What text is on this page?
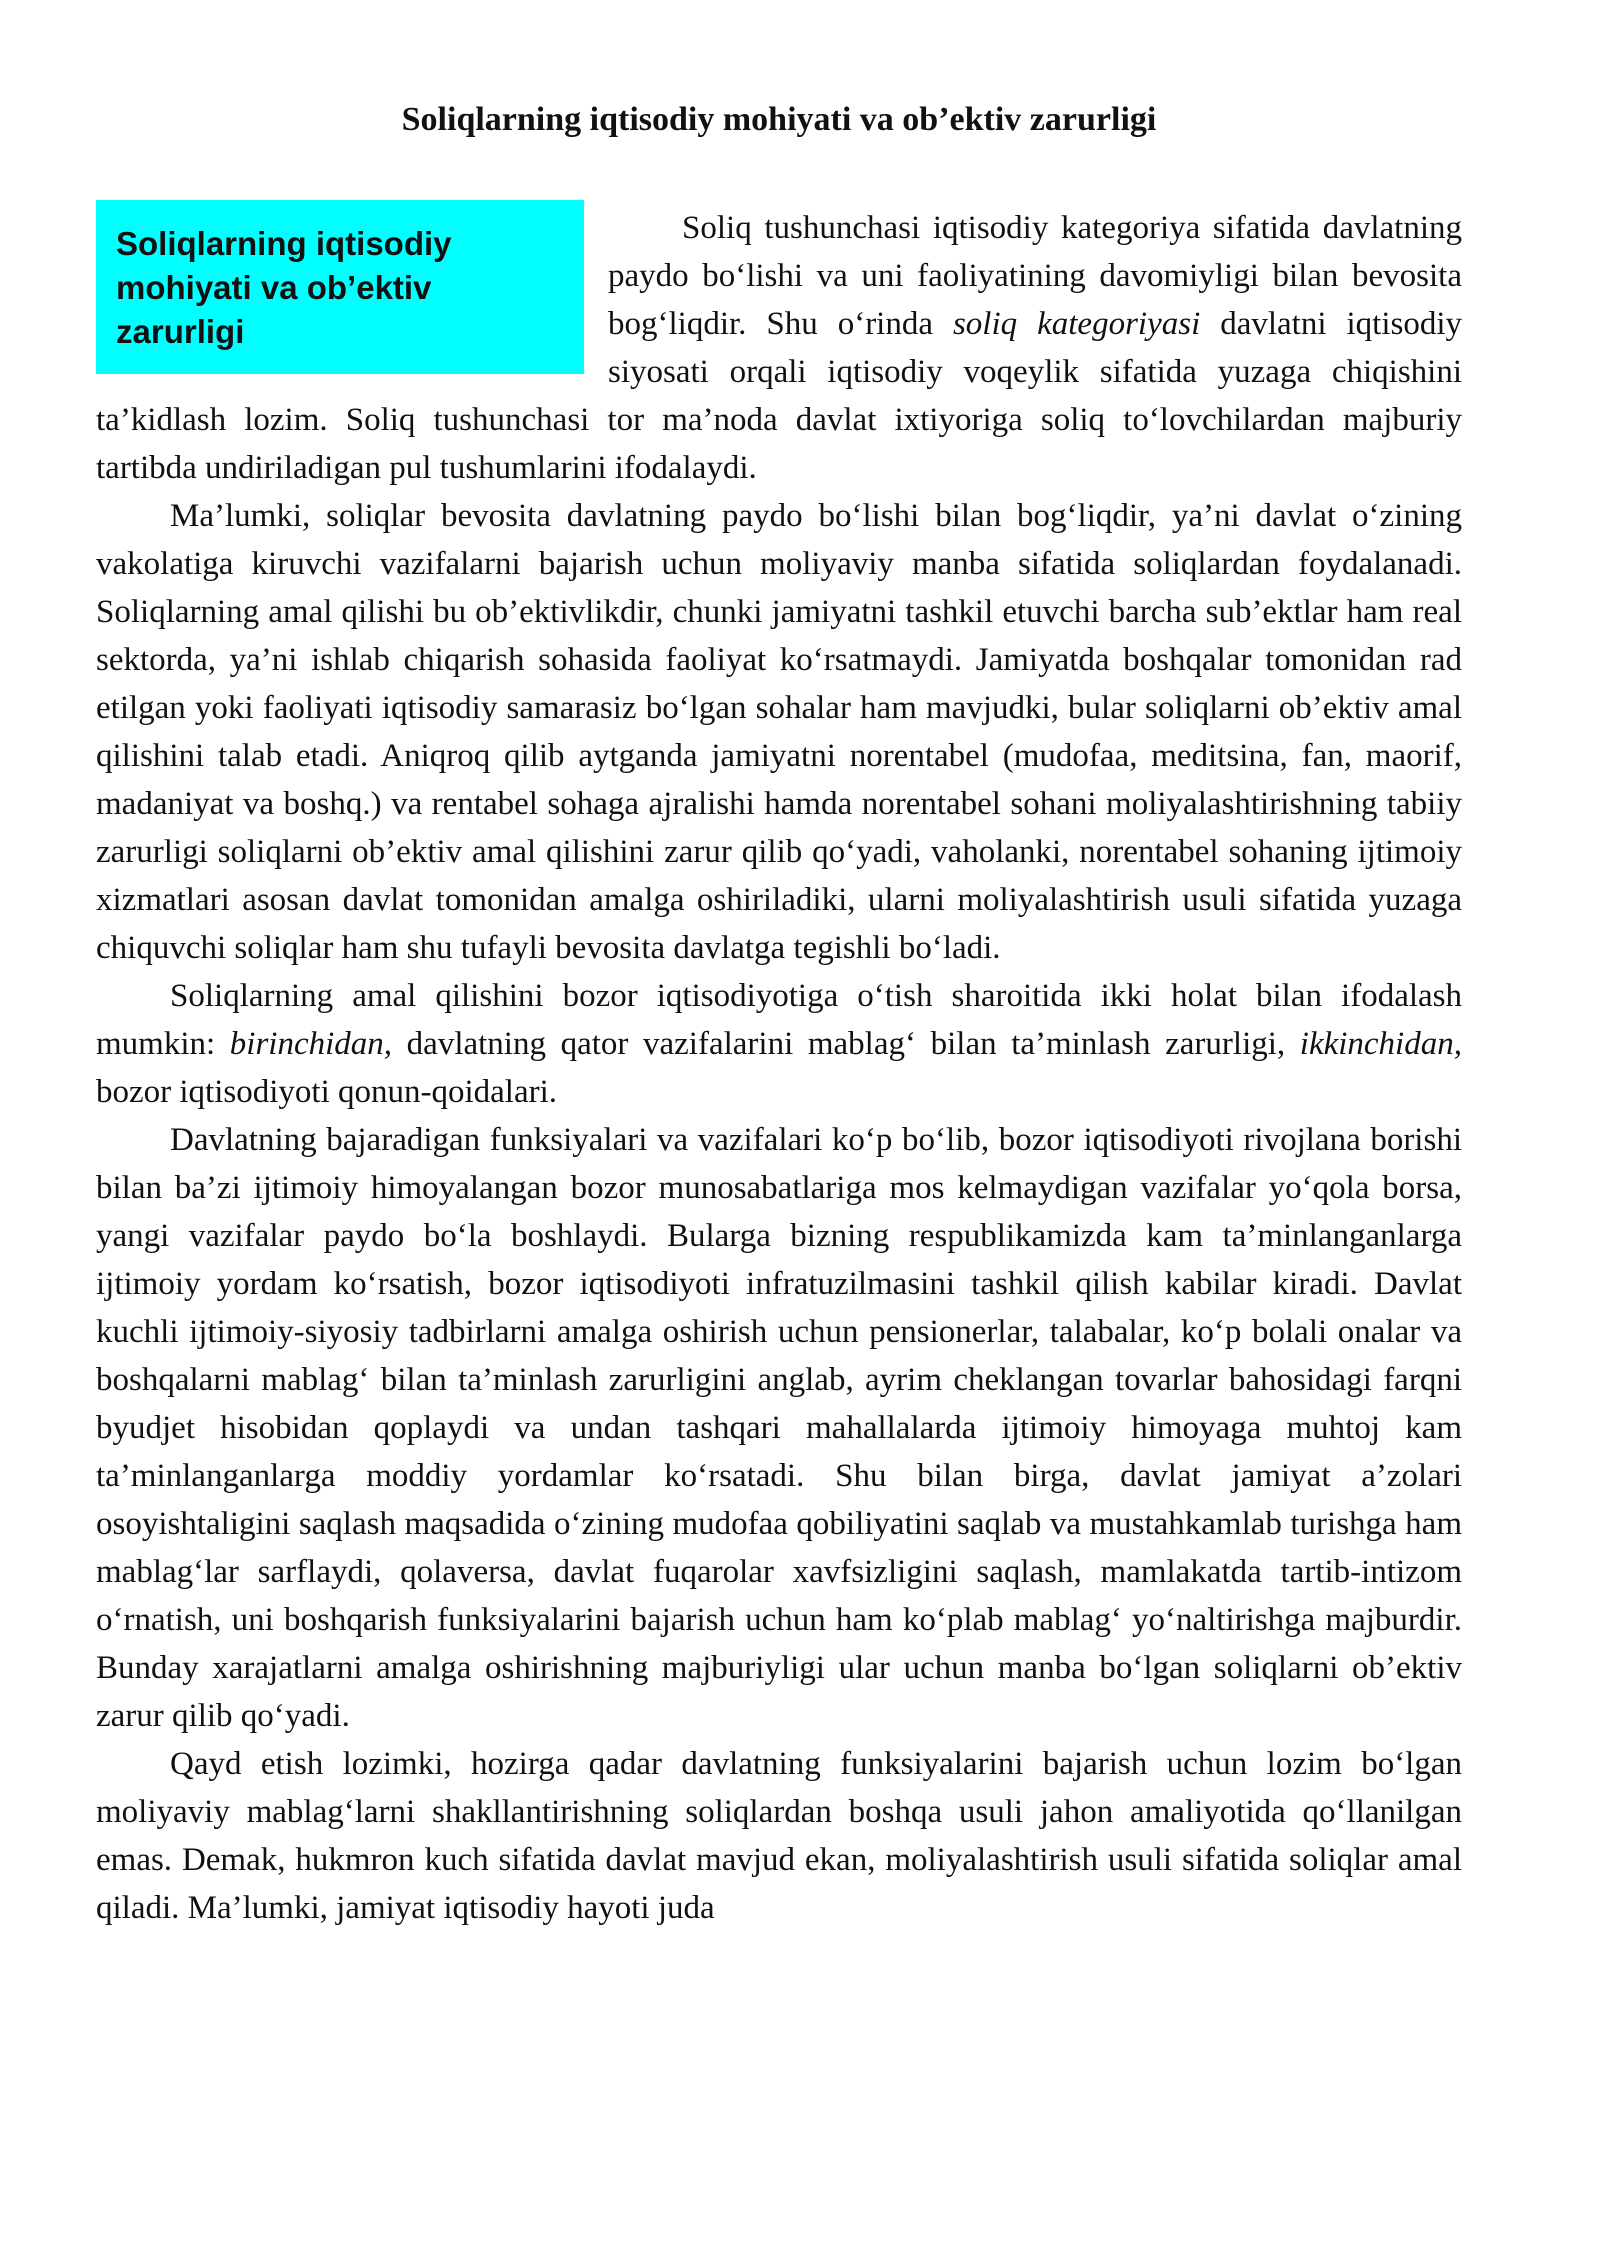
Soliqlarning iqtisodiy mohiyati va ob’ektiv zarurligi
Soliqlarning iqtisodiy mohiyati va ob’ektiv zarurligi

Soliq tushunchasi iqtisodiy kategoriya sifatida davlatning paydo bo‘lishi va uni faoliyatining davomiyligi bilan bevosita bog‘liqdir. Shu o‘rinda soliq kategoriyasi davlatni iqtisodiy siyosati orqali iqtisodiy voqeylik sifatida yuzaga chiqishini ta’kidlash lozim. Soliq tushunchasi tor ma’noda davlat ixtiyoriga soliq to‘lovchilardan majburiy tartibda undiriladigan pul tushumlarini ifodalaydi.

Ma’lumki, soliqlar bevosita davlatning paydo bo‘lishi bilan bog‘liqdir, ya’ni davlat o‘zining vakolatiga kiruvchi vazifalarni bajarish uchun moliyaviy manba sifatida soliqlardan foydalanadi. Soliqlarning amal qilishi bu ob’ektivlikdir, chunki jamiyatni tashkil etuvchi barcha sub’ektlar ham real sektorda, ya’ni ishlab chiqarish sohasida faoliyat ko‘rsatmaydi. Jamiyatda boshqalar tomonidan rad etilgan yoki faoliyati iqtisodiy samarasiz bo‘lgan sohalar ham mavjudki, bular soliqlarni ob’ektiv amal qilishini talab etadi. Aniqroq qilib aytganda jamiyatni norentabel (mudofaa, meditsina, fan, maorif, madaniyat va boshq.) va rentabel sohaga ajralishi hamda norentabel sohani moliyalashtirishning tabiiy zarurligi soliqlarni ob’ektiv amal qilishini zarur qilib qo‘yadi, vaholanki, norentabel sohaning ijtimoiy xizmatlari asosan davlat tomonidan amalga oshiriladiki, ularni moliyalashtirish usuli sifatida yuzaga chiquvchi soliqlar ham shu tufayli bevosita davlatga tegishli bo‘ladi.

Soliqlarning amal qilishini bozor iqtisodiyotiga o‘tish sharoitida ikki holat bilan ifodalash mumkin: birinchidan, davlatning qator vazifalarini mablag‘ bilan ta’minlash zarurligi, ikkinchidan, bozor iqtisodiyoti qonun-qoidalari.

Davlatning bajaradigan funksiyalari va vazifalari ko‘p bo‘lib, bozor iqtisodiyoti rivojlana borishi bilan ba’zi ijtimoiy himoyalangan bozor munosabatlariga mos kelmaydigan vazifalar yo‘qola borsa, yangi vazifalar paydo bo‘la boshlaydi. Bularga bizning respublikamizda kam ta’minlanganlarga ijtimoiy yordam ko‘rsatish, bozor iqtisodiyoti infratuzilmasini tashkil qilish kabilar kiradi. Davlat kuchli ijtimoiy-siyosiy tadbirlarni amalga oshirish uchun pensionerlar, talabalar, ko‘p bolali onalar va boshqalarni mablag‘ bilan ta’minlash zarurligini anglab, ayrim cheklangan tovarlar bahosidagi farqni byudjet hisobidan qoplaydi va undan tashqari mahallalarda ijtimoiy himoyaga muhtoj kam ta’minlanganlarga moddiy yordamlar ko‘rsatadi. Shu bilan birga, davlat jamiyat a’zolari osoyishtaligini saqlash maqsadida o‘zining mudofaa qobiliyatini saqlab va mustahkamlab turishga ham mablag‘lar sarflaydi, qolaversa, davlat fuqarolar xavfsizligini saqlash, mamlakatda tartib-intizom o‘rnatish, uni boshqarish funksiyalarini bajarish uchun ham ko‘plab mablag‘ yo‘naltirishga majburdir. Bunday xarajatlarni amalga oshirishning majburiyligi ular uchun manba bo‘lgan soliqlarni ob’ektiv zarur qilib qo‘yadi.

Qayd etish lozimki, hozirga qadar davlatning funksiyalarini bajarish uchun lozim bo‘lgan moliyaviy mablag‘larni shakllantirishning soliqlardan boshqa usuli jahon amaliyotida qo‘llanilgan emas. Demak, hukmron kuch sifatida davlat mavjud ekan, moliyalashtirish usuli sifatida soliqlar amal qiladi. Ma’lumki, jamiyat iqtisodiy hayoti juda
